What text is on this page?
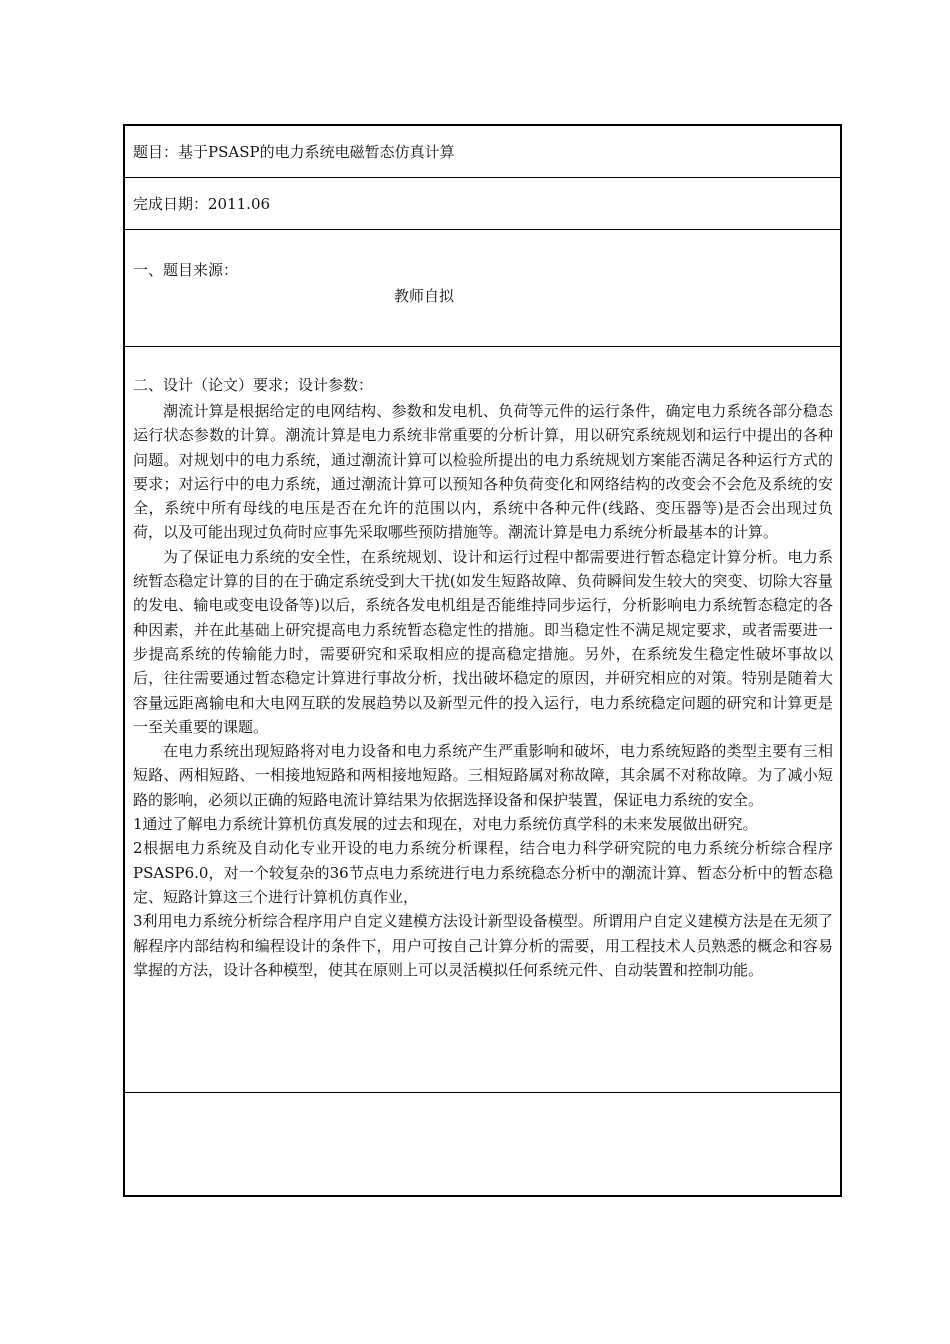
题目：基于PSASP的电力系统电磁暂态仿真计算
完成日期：2011.06
一、题目来源：
教师自拟
二、设计（论文）要求；设计参数：

潮流计算是根据给定的电网结构、参数和发电机、负荷等元件的运行条件，确定电力系统各部分稳态运行状态参数的计算。潮流计算是电力系统非常重要的分析计算，用以研究系统规划和运行中提出的各种问题。对规划中的电力系统，通过潮流计算可以检验所提出的电力系统规划方案能否满足各种运行方式的要求；对运行中的电力系统，通过潮流计算可以预知各种负荷变化和网络结构的改变会不会危及系统的安全，系统中所有母线的电压是否在允许的范围以内，系统中各种元件(线路、变压器等)是否会出现过负荷，以及可能出现过负荷时应事先采取哪些预防措施等。潮流计算是电力系统分析最基本的计算。

为了保证电力系统的安全性，在系统规划、设计和运行过程中都需要进行暂态稳定计算分析。电力系统暂态稳定计算的目的在于确定系统受到大干扰(如发生短路故障、负荷瞬间发生较大的突变、切除大容量的发电、输电或变电设备等)以后，系统各发电机组是否能维持同步运行，分析影响电力系统暂态稳定的各种因素，并在此基础上研究提高电力系统暂态稳定性的措施。即当稳定性不满足规定要求，或者需要进一步提高系统的传输能力时，需要研究和采取相应的提高稳定措施。另外，在系统发生稳定性破坏事故以后，往往需要通过暂态稳定计算进行事故分析，找出破坏稳定的原因，并研究相应的对策。特别是随着大容量远距离输电和大电网互联的发展趋势以及新型元件的投入运行，电力系统稳定问题的研究和计算更是一至关重要的课题。

在电力系统出现短路将对电力设备和电力系统产生严重影响和破坏，电力系统短路的类型主要有三相短路、两相短路、一相接地短路和两相接地短路。三相短路属对称故障，其余属不对称故障。为了减小短路的影响，必须以正确的短路电流计算结果为依据选择设备和保护装置，保证电力系统的安全。

1通过了解电力系统计算机仿真发展的过去和现在，对电力系统仿真学科的未来发展做出研究。

2根据电力系统及自动化专业开设的电力系统分析课程，结合电力科学研究院的电力系统分析综合程序PSASP6.0，对一个较复杂的36节点电力系统进行电力系统稳态分析中的潮流计算、暂态分析中的暂态稳定、短路计算这三个进行计算机仿真作业，

3利用电力系统分析综合程序用户自定义建模方法设计新型设备模型。所谓用户自定义建模方法是在无须了解程序内部结构和编程设计的条件下，用户可按自己计算分析的需要，用工程技术人员熟悉的概念和容易掌握的方法，设计各种模型，使其在原则上可以灵活模拟任何系统元件、自动装置和控制功能。
